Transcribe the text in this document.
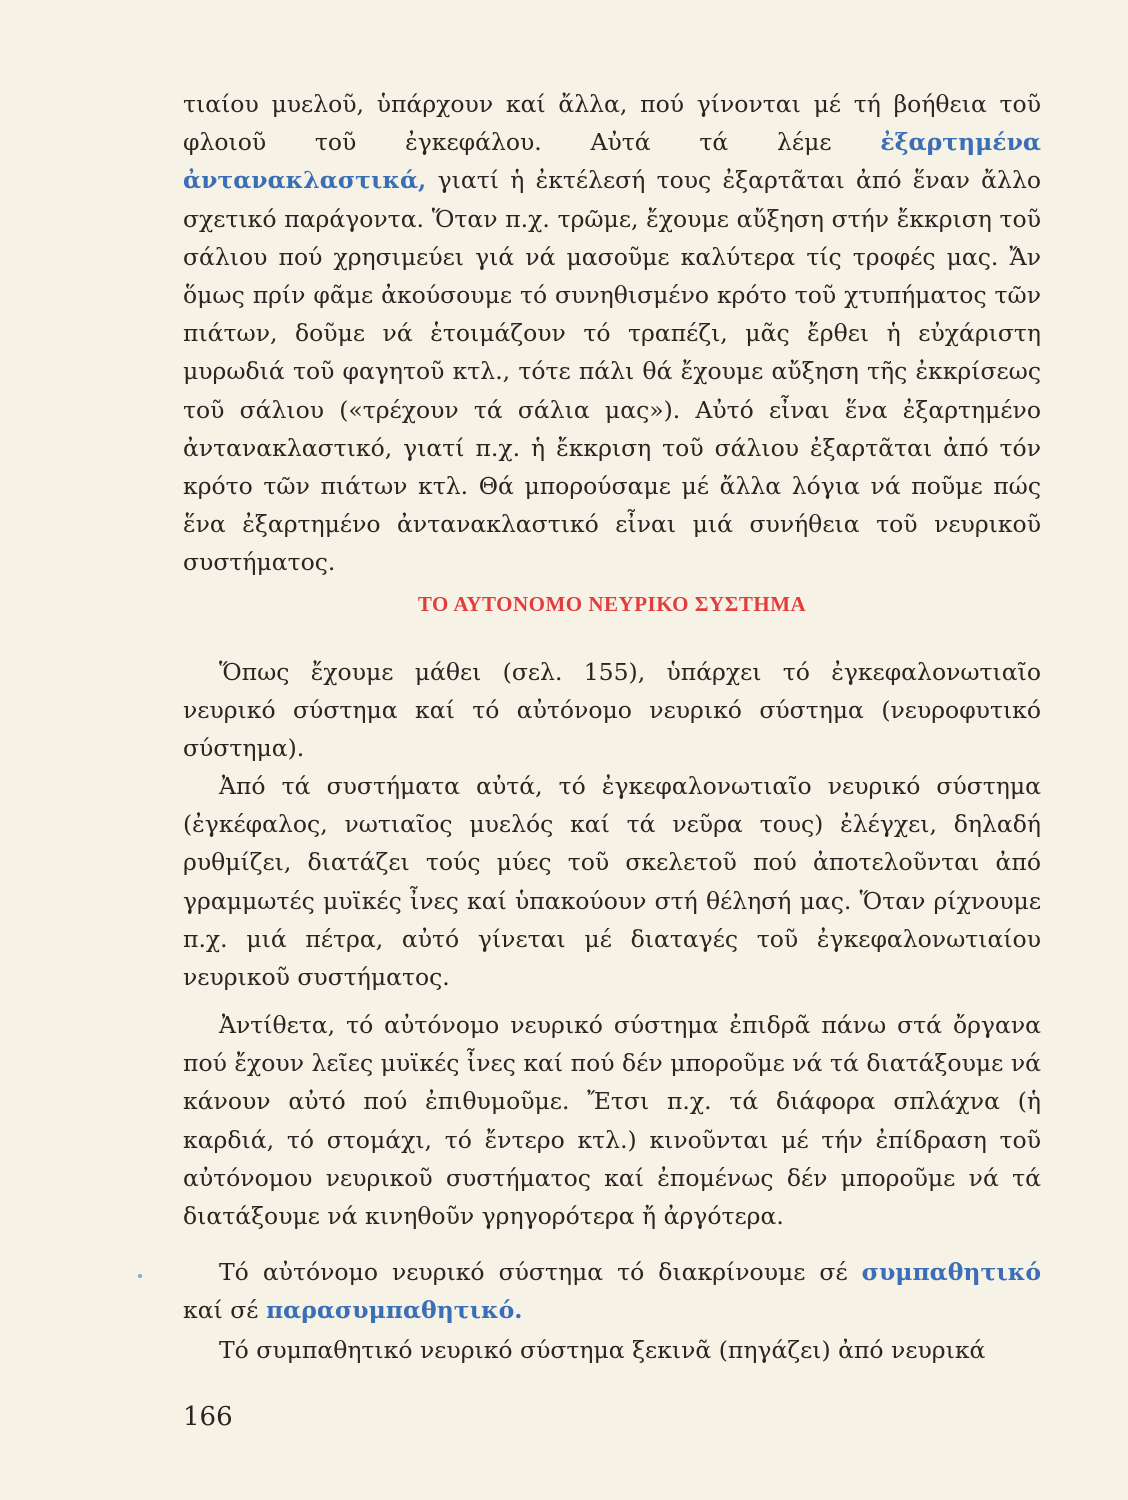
τιαίου μυελοῦ, ὑπάρχουν καί ἄλλα, πού γίνονται μέ τή βοήθεια τοῦ φλοιοῦ τοῦ ἐγκεφάλου. Αὐτά τά λέμε ἐξαρτημένα ἀντανακλαστικά, γιατί ἡ ἐκτέλεσή τους ἐξαρτᾶται ἀπό ἕναν ἄλλο σχετικό παράγοντα. Ὅταν π.χ. τρῶμε, ἔχουμε αὔξηση στήν ἔκκριση τοῦ σάλιου πού χρησιμεύει γιά νά μασοῦμε καλύτερα τίς τροφές μας. Ἄν ὅμως πρίν φᾶμε ἀκούσουμε τό συνηθισμένο κρότο τοῦ χτυπήματος τῶν πιάτων, δοῦμε νά ἑτοιμάζουν τό τραπέζι, μᾶς ἔρθει ἡ εὐχάριστη μυρωδιά τοῦ φαγητοῦ κτλ., τότε πάλι θά ἔχουμε αὔξηση τῆς ἐκκρίσεως τοῦ σάλιου («τρέχουν τά σάλια μας»). Αὐτό εἶναι ἕνα ἐξαρτημένο ἀντανακλαστικό, γιατί π.χ. ἡ ἔκκριση τοῦ σάλιου ἐξαρτᾶται ἀπό τόν κρότο τῶν πιάτων κτλ. Θά μπορούσαμε μέ ἄλλα λόγια νά ποῦμε πώς ἕνα ἐξαρτημένο ἀντανακλαστικό εἶναι μιά συνήθεια τοῦ νευρικοῦ συστήματος.

ΤΟ ΑΥΤΟΝΟΜΟ ΝΕΥΡΙΚΟ ΣΥΣΤΗΜΑ

Ὅπως ἔχουμε μάθει (σελ. 155), ὑπάρχει τό ἐγκεφαλονωτιαῖο νευρικό σύστημα καί τό αὐτόνομο νευρικό σύστημα (νευροφυτικό σύστημα).

Ἀπό τά συστήματα αὐτά, τό ἐγκεφαλονωτιαῖο νευρικό σύστημα (ἐγκέφαλος, νωτιαῖος μυελός καί τά νεῦρα τους) ἐλέγχει, δηλαδή ρυθμίζει, διατάζει τούς μύες τοῦ σκελετοῦ πού ἀποτελοῦνται ἀπό γραμμωτές μυϊκές ἶνες καί ὑπακούουν στή θέλησή μας. Ὅταν ρίχνουμε π.χ. μιά πέτρα, αὐτό γίνεται μέ διαταγές τοῦ ἐγκεφαλονωτιαίου νευρικοῦ συστήματος.

Ἀντίθετα, τό αὐτόνομο νευρικό σύστημα ἐπιδρᾶ πάνω στά ὄργανα πού ἔχουν λεῖες μυϊκές ἶνες καί πού δέν μποροῦμε νά τά διατάξουμε νά κάνουν αὐτό πού ἐπιθυμοῦμε. Ἔτσι π.χ. τά διάφορα σπλάχνα (ἡ καρδιά, τό στομάχι, τό ἔντερο κτλ.) κινοῦνται μέ τήν ἐπίδραση τοῦ αὐτόνομου νευρικοῦ συστήματος καί ἐπομένως δέν μποροῦμε νά τά διατάξουμε νά κινηθοῦν γρηγορότερα ἤ ἀργότερα.

Τό αὐτόνομο νευρικό σύστημα τό διακρίνουμε σέ συμπαθητικό καί σέ παρασυμπαθητικό.

Τό συμπαθητικό νευρικό σύστημα ξεκινᾶ (πηγάζει) ἀπό νευρικά

166
